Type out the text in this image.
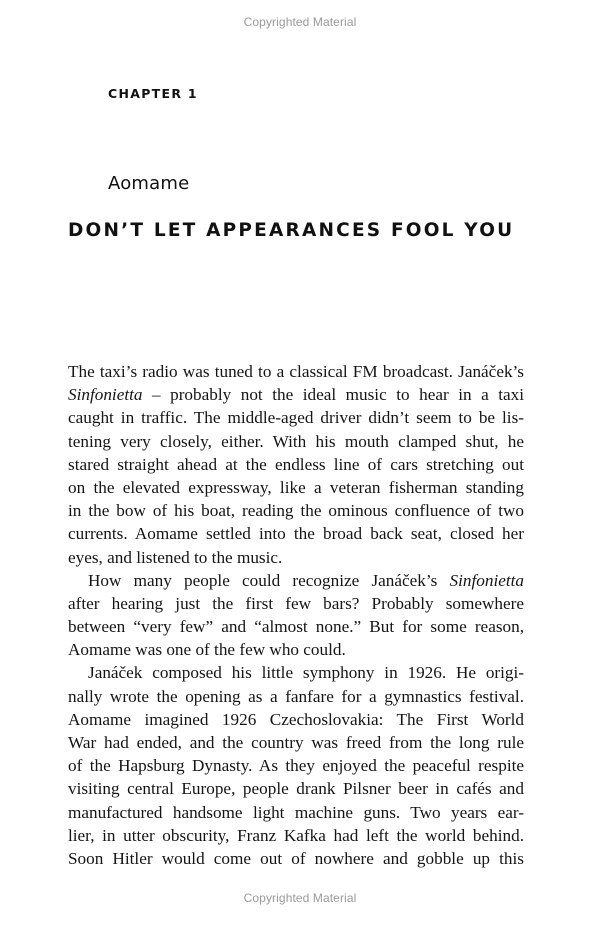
Copyrighted Material
CHAPTER 1
Aomame
DON’T LET APPEARANCES FOOL YOU
The taxi’s radio was tuned to a classical FM broadcast. Janáček’s
Sinfonietta – probably not the ideal music to hear in a taxi
caught in traffic. The middle-aged driver didn’t seem to be lis-
tening very closely, either. With his mouth clamped shut, he
stared straight ahead at the endless line of cars stretching out
on the elevated expressway, like a veteran fisherman standing
in the bow of his boat, reading the ominous confluence of two
currents. Aomame settled into the broad back seat, closed her
eyes, and listened to the music.
How many people could recognize Janáček’s Sinfonietta
after hearing just the first few bars? Probably somewhere
between “very few” and “almost none.” But for some reason,
Aomame was one of the few who could.
Janáček composed his little symphony in 1926. He origi-
nally wrote the opening as a fanfare for a gymnastics festival.
Aomame imagined 1926 Czechoslovakia: The First World
War had ended, and the country was freed from the long rule
of the Hapsburg Dynasty. As they enjoyed the peaceful respite
visiting central Europe, people drank Pilsner beer in cafés and
manufactured handsome light machine guns. Two years ear-
lier, in utter obscurity, Franz Kafka had left the world behind.
Soon Hitler would come out of nowhere and gobble up this
Copyrighted Material
